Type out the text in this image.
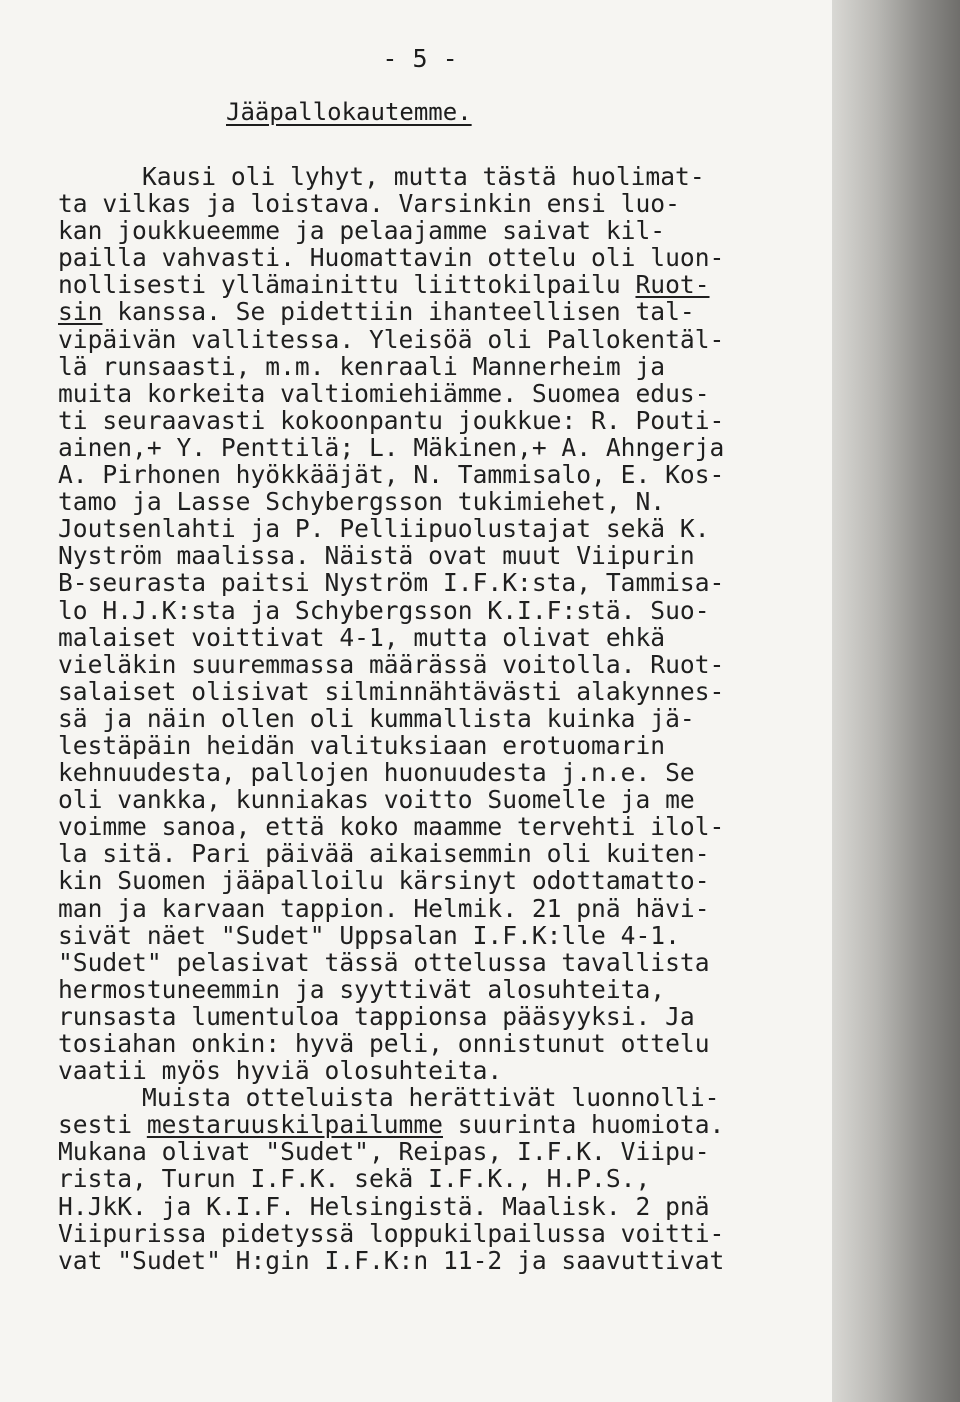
- 5 -
Jääpallokautemme.
Kausi oli lyhyt, mutta tästä huolimat-
ta vilkas ja loistava. Varsinkin ensi luo-
kan joukkueemme ja pelaajamme saivat kil-
pailla vahvasti. Huomattavin ottelu oli luon-
nollisesti yllämainittu liittokilpailu Ruot-
sin kanssa. Se pidettiin ihanteellisen tal-
vipäivän vallitessa. Yleisöä oli Pallokentäl-
lä runsaasti, m.m. kenraali Mannerheim ja
muita korkeita valtiomiehiämme. Suomea edus-
ti seuraavasti kokoonpantu joukkue: R. Pouti-
ainen,+ Y. Penttilä; L. Mäkinen,+ A. Ahngerja
A. Pirhonen hyökkääjät, N. Tammisalo, E. Kos-
tamo ja Lasse Schybergsson tukimiehet, N.
Joutsenlahti ja P. Pelliipuolustajat sekä K.
Nyström maalissa. Näistä ovat muut Viipurin
B-seurasta paitsi Nyström I.F.K:sta, Tammisa-
lo H.J.K:sta ja Schybergsson K.I.F:stä. Suo-
malaiset voittivat 4-1, mutta olivat ehkä
vieläkin suuremmassa määrässä voitolla. Ruot-
salaiset olisivat silminnähtävästi alakynnes-
sä ja näin ollen oli kummallista kuinka jä-
lestäpäin heidän valituksiaan erotuomarin
kehnuudesta, pallojen huonuudesta j.n.e. Se
oli vankka, kunniakas voitto Suomelle ja me
voimme sanoa, että koko maamme tervehti ilol-
la sitä. Pari päivää aikaisemmin oli kuiten-
kin Suomen jääpalloilu kärsinyt odottamatto-
man ja karvaan tappion. Helmik. 21 pnä hävi-
sivät näet "Sudet" Uppsalan I.F.K:lle 4-1.
"Sudet" pelasivat tässä ottelussa tavallista
hermostuneemmin ja syyttivät alosuhteita,
runsasta lumentuloa tappionsa pääsyyksi. Ja
tosiahan onkin: hyvä peli, onnistunut ottelu
vaatii myös hyviä olosuhteita.
Muista otteluista herättivät luonnolli-
sesti mestaruuskilpailumme suurinta huomiota.
Mukana olivat "Sudet", Reipas, I.F.K. Viipu-
rista, Turun I.F.K. sekä I.F.K., H.P.S.,
H.JkK. ja K.I.F. Helsingistä. Maalisk. 2 pnä
Viipurissa pidetyssä loppukilpailussa voitti-
vat "Sudet" H:gin I.F.K:n 11-2 ja saavuttivat
